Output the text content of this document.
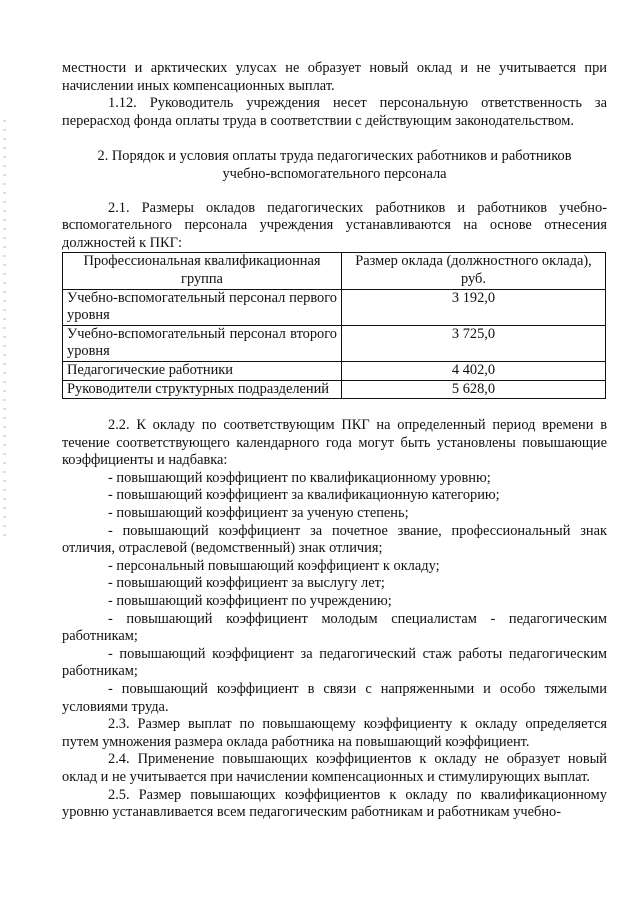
местности и арктических улусах не образует новый оклад и не учитывается при начислении иных компенсационных выплат.

1.12. Руководитель учреждения несет персональную ответственность за перерасход фонда оплаты труда в соответствии с действующим законодательством.

2. Порядок и условия оплаты труда педагогических работников и работников

учебно-вспомогательного персонала

2.1. Размеры окладов педагогических работников и работников учебно-вспомогательного персонала учреждения устанавливаются на основе отнесения должностей к ПКГ:

Профессиональная квалификационная группа	Размер оклада (должностного оклада), руб.
Учебно-вспомогательный персонал первого уровня	3 192,0
Учебно-вспомогательный персонал второго уровня	3 725,0
Педагогические работники	4 402,0
Руководители структурных подразделений	5 628,0

2.2. К окладу по соответствующим ПКГ на определенный период времени в течение соответствующего календарного года могут быть установлены повышающие коэффициенты и надбавка:

- повышающий коэффициент по квалификационному уровню;

- повышающий коэффициент за квалификационную категорию;

- повышающий коэффициент за ученую степень;

- повышающий коэффициент за почетное звание, профессиональный знак отличия, отраслевой (ведомственный) знак отличия;

- персональный повышающий коэффициент к окладу;

- повышающий коэффициент за выслугу лет;

- повышающий коэффициент по учреждению;

- повышающий коэффициент молодым специалистам - педагогическим работникам;

- повышающий коэффициент за педагогический стаж работы педагогическим работникам;

- повышающий коэффициент в связи с напряженными и особо тяжелыми условиями труда.

2.3. Размер выплат по повышающему коэффициенту к окладу определяется путем умножения размера оклада работника на повышающий коэффициент.

2.4. Применение повышающих коэффициентов к окладу не образует новый оклад и не учитывается при начислении компенсационных и стимулирующих выплат.

2.5. Размер повышающих коэффициентов к окладу по квалификационному уровню устанавливается всем педагогическим работникам и работникам учебно-
